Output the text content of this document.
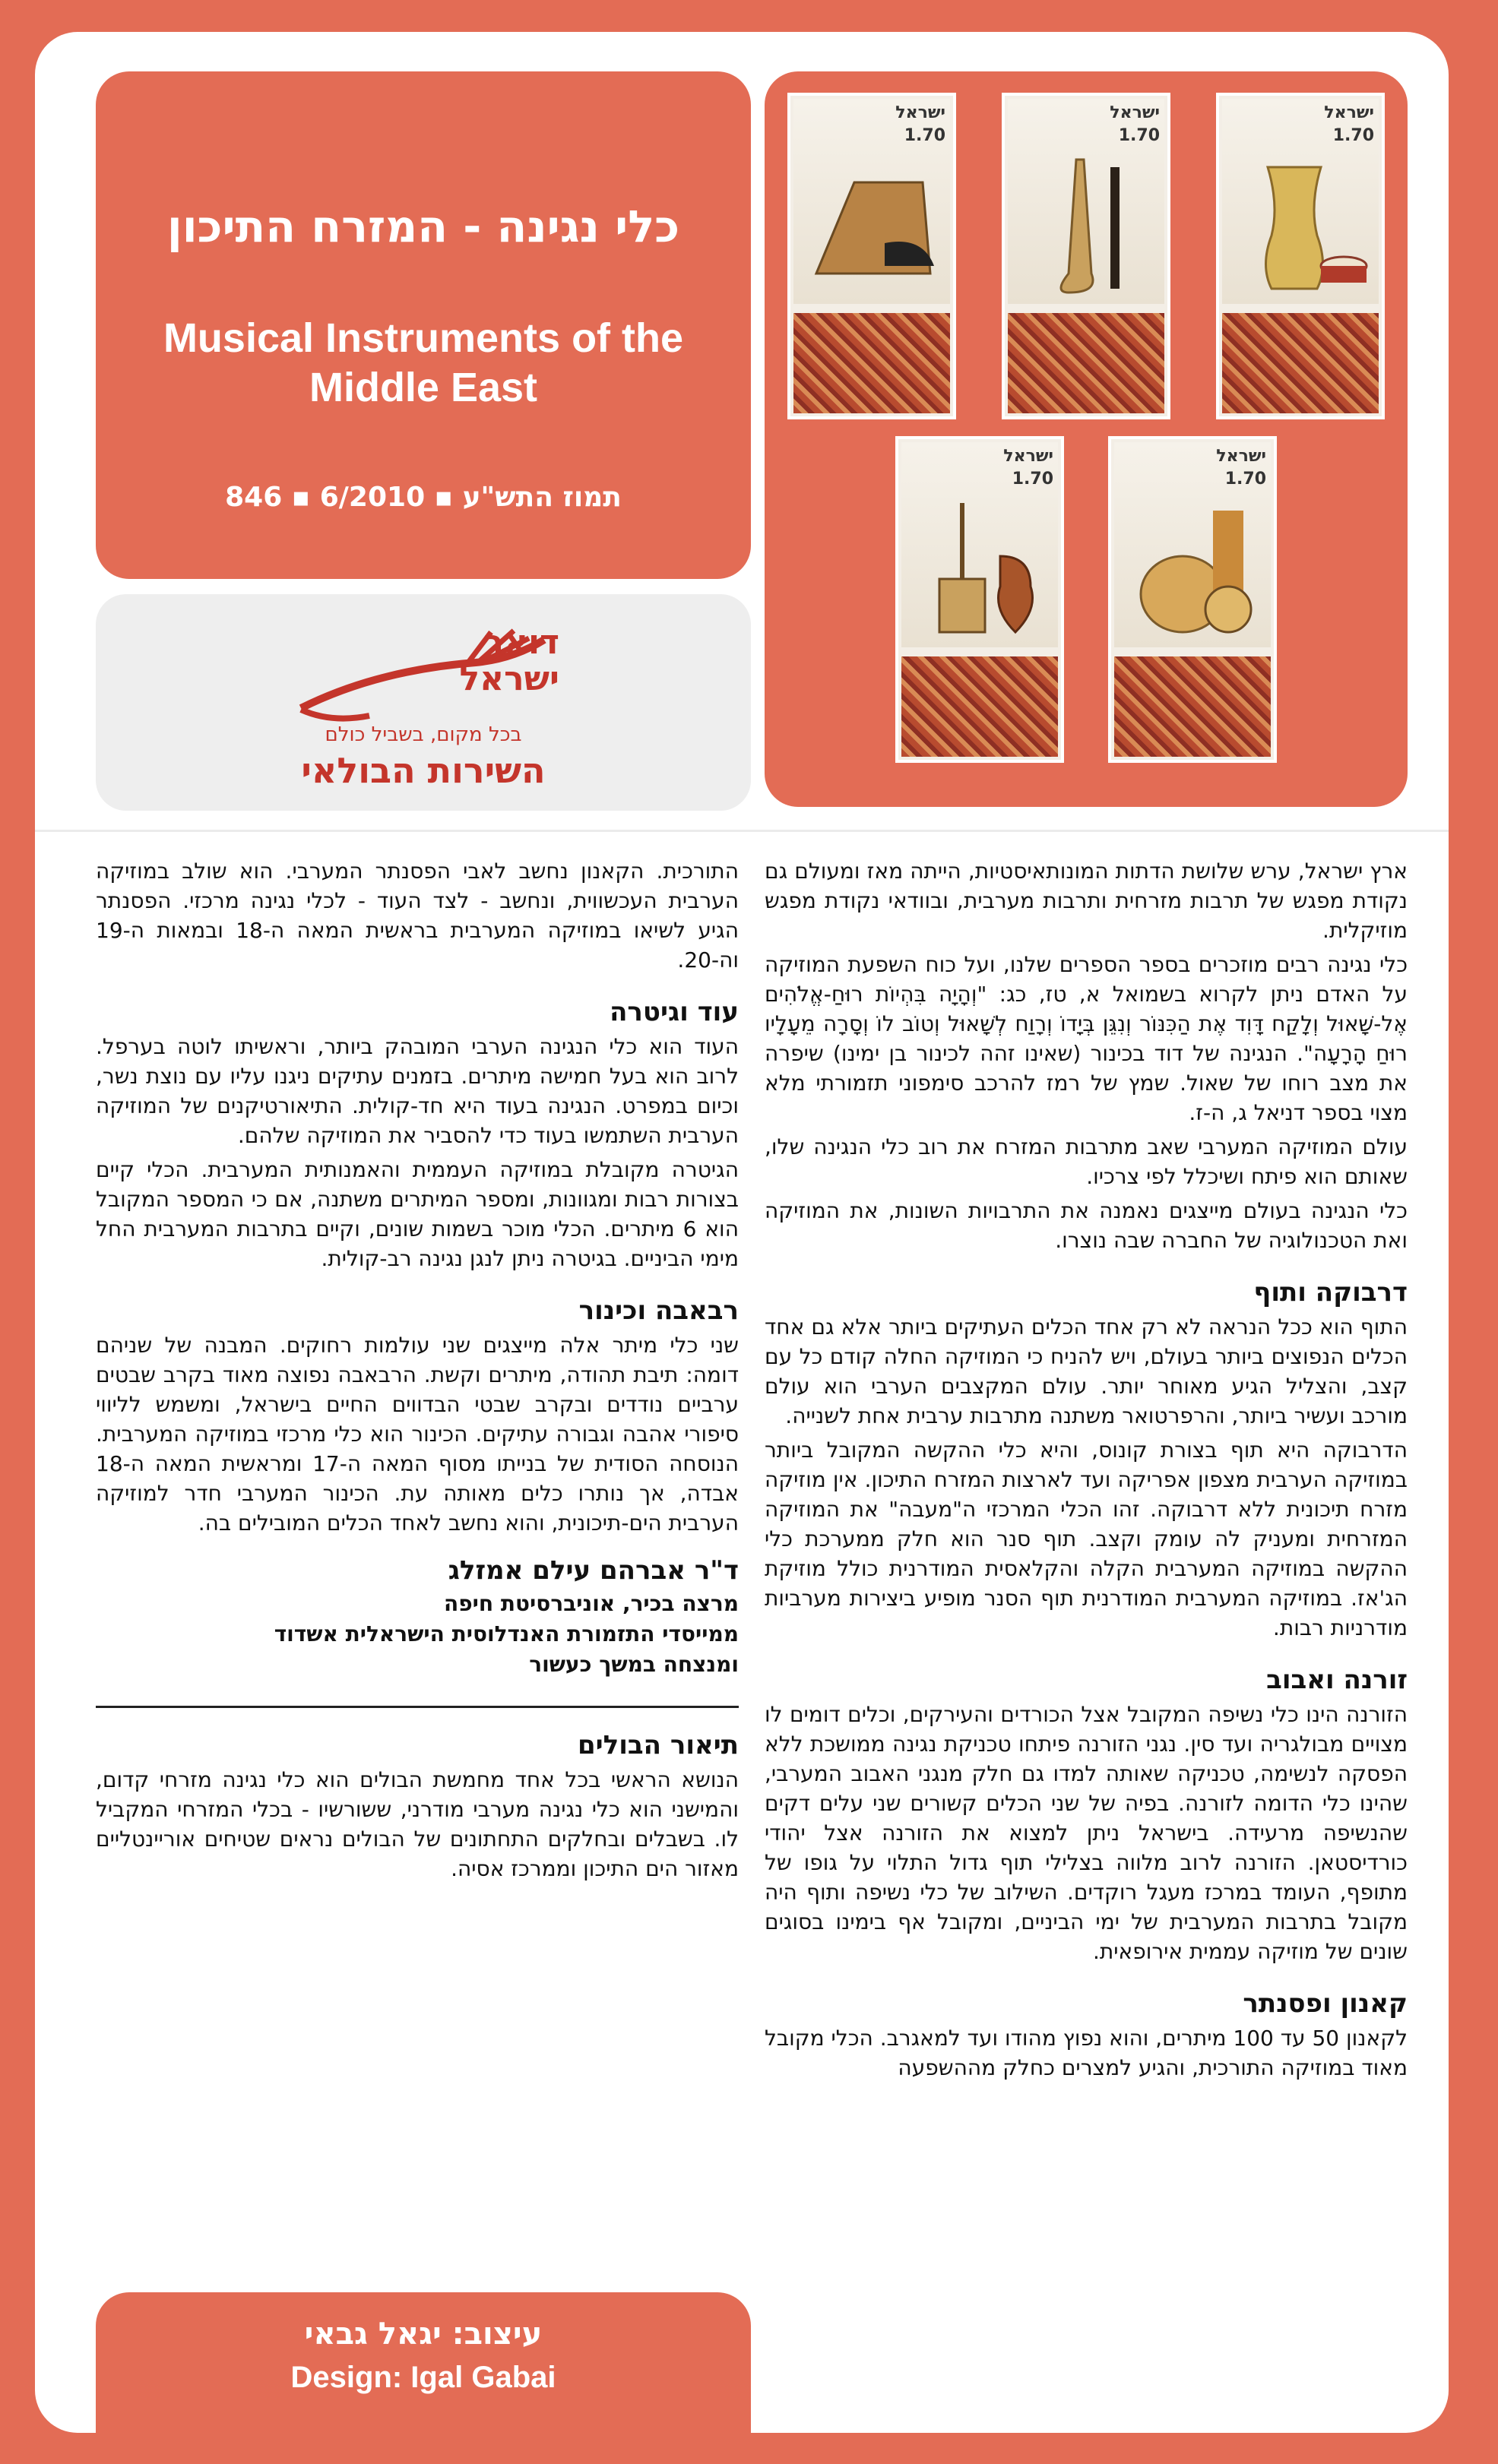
כלי נגינה - המזרח התיכון
Musical Instruments of the
Middle East
846 ▪ 6/2010 ▪ תמוז התש"ע
דואר
ישראל
בכל מקום, בשביל כולם
השירות הבולאי
ישראל
1.70
ישראל
1.70
ישראל
1.70
ישראל
1.70
ישראל
1.70

ארץ ישראל, ערש שלושת הדתות המונותאיסטיות, הייתה מאז ומעולם גם נקודת מפגש של תרבות מזרחית ותרבות מערבית, ובוודאי נקודת מפגש מוזיקלית.

כלי נגינה רבים מוזכרים בספר הספרים שלנו, ועל כוח השפעת המוזיקה על האדם ניתן לקרוא בשמואל א, טז, כג: "וְהָיָה בִּהְיוֹת רוּחַ-אֱלֹהִים אֶל-שָׁאוּל וְלָקַח דָּוִד אֶת הַכִּנּוֹר וְנִגֵּן בְּיָדוֹ וְרָוַח לְשָׁאוּל וְטוֹב לוֹ וְסָרָה מֵעָלָיו רוּחַ הָרָעָה". הנגינה של דוד בכינור (שאינו זהה לכינור בן ימינו) שיפרה את מצב רוחו של שאול. שמץ של רמז להרכב סימפוני תזמורתי מלא מצוי בספר דניאל ג, ה-ז.

עולם המוזיקה המערבי שאב מתרבות המזרח את רוב כלי הנגינה שלו, שאותם הוא פיתח ושיכלל לפי צרכיו.

כלי הנגינה בעולם מייצגים נאמנה את התרבויות השונות, את המוזיקה ואת הטכנולוגיה של החברה שבה נוצרו.

דרבוקה ותוף

התוף הוא ככל הנראה לא רק אחד הכלים העתיקים ביותר אלא גם אחד הכלים הנפוצים ביותר בעולם, ויש להניח כי המוזיקה החלה קודם כל עם קצב, והצליל הגיע מאוחר יותר. עולם המקצבים הערבי הוא עולם מורכב ועשיר ביותר, והרפרטואר משתנה מתרבות ערבית אחת לשנייה.

הדרבוקה היא תוף בצורת קונוס, והיא כלי ההקשה המקובל ביותר במוזיקה הערבית מצפון אפריקה ועד לארצות המזרח התיכון. אין מוזיקה מזרח תיכונית ללא דרבוקה. זהו הכלי המרכזי ה"מעבה" את המוזיקה המזרחית ומעניק לה עומק וקצב. תוף סנר הוא חלק ממערכת כלי ההקשה במוזיקה המערבית הקלה והקלאסית המודרנית כולל מוזיקת הג'אז. במוזיקה המערבית המודרנית תוף הסנר מופיע ביצירות מערביות מודרניות רבות.

זורנה ואבוב

הזורנה הינו כלי נשיפה המקובל אצל הכורדים והעירקים, וכלים דומים לו מצויים מבולגריה ועד סין. נגני הזורנה פיתחו טכניקת נגינה ממושכת ללא הפסקה לנשימה, טכניקה שאותה למדו גם חלק מנגני האבוב המערבי, שהינו כלי הדומה לזורנה. בפיה של שני הכלים קשורים שני עלים דקים שהנשיפה מרעידה. בישראל ניתן למצוא את הזורנה אצל יהודי כורדיסטאן. הזורנה לרוב מלווה בצלילי תוף גדול התלוי על גופו של מתופף, העומד במרכז מעגל רוקדים. השילוב של כלי נשיפה ותוף היה מקובל בתרבות המערבית של ימי הביניים, ומקובל אף בימינו בסוגים שונים של מוזיקה עממית אירופאית.

קאנון ופסנתר

לקאנון 50 עד 100 מיתרים, והוא נפוץ מהודו ועד למאגרב. הכלי מקובל מאוד במוזיקה התורכית, והגיע למצרים כחלק מההשפעה

התורכית. הקאנון נחשב לאבי הפסנתר המערבי. הוא שולב במוזיקה הערבית העכשווית, ונחשב - לצד העוד - לכלי נגינה מרכזי. הפסנתר הגיע לשיאו במוזיקה המערבית בראשית המאה ה-18 ובמאות ה-19 וה-20.

עוד וגיטרה

העוד הוא כלי הנגינה הערבי המובהק ביותר, וראשיתו לוטה בערפל. לרוב הוא בעל חמישה מיתרים. בזמנים עתיקים ניגנו עליו עם נוצת נשר, וכיום במפרט. הנגינה בעוד היא חד-קולית. התיאורטיקנים של המוזיקה הערבית השתמשו בעוד כדי להסביר את המוזיקה שלהם.

הגיטרה מקובלת במוזיקה העממית והאמנותית המערבית. הכלי קיים בצורות רבות ומגוונות, ומספר המיתרים משתנה, אם כי המספר המקובל הוא 6 מיתרים. הכלי מוכר בשמות שונים, וקיים בתרבות המערבית החל מימי הביניים. בגיטרה ניתן לנגן נגינה רב-קולית.

רבאבה וכינור

שני כלי מיתר אלה מייצגים שני עולמות רחוקים. המבנה של שניהם דומה: תיבת תהודה, מיתרים וקשת. הרבאבה נפוצה מאוד בקרב שבטים ערביים נודדים ובקרב שבטי הבדווים החיים בישראל, ומשמש לליווי סיפורי אהבה וגבורה עתיקים. הכינור הוא כלי מרכזי במוזיקה המערבית. הנוסחה הסודית של בנייתו מסוף המאה ה-17 ומראשית המאה ה-18 אבדה, אך נותרו כלים מאותה עת. הכינור המערבי חדר למוזיקה הערבית הים-תיכונית, והוא נחשב לאחד הכלים המובילים בה.

ד"ר אברהם עילם אמזלג
מרצה בכיר, אוניברסיטת חיפה
ממייסדי התזמורת האנדלוסית הישראלית אשדוד
ומנצחה במשך כעשור
תיאור הבולים

הנושא הראשי בכל אחד מחמשת הבולים הוא כלי נגינה מזרחי קדום, והמישני הוא כלי נגינה מערבי מודרני, ששורשיו - בכלי המזרחי המקביל לו. בשבלים ובחלקים התחתונים של הבולים נראים שטיחים אוריינטליים מאזור הים התיכון וממרכז אסיה.

עיצוב: יגאל גבאי
Design: Igal Gabai
